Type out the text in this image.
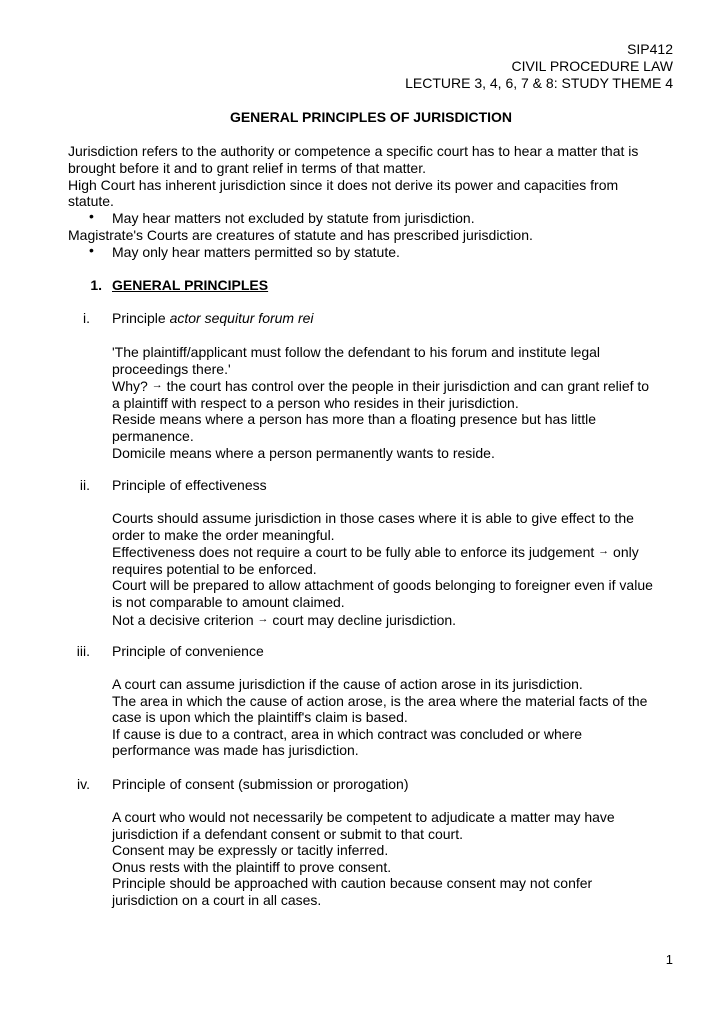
SIP412
CIVIL PROCEDURE LAW
LECTURE 3, 4, 6, 7 & 8: STUDY THEME 4
GENERAL PRINCIPLES OF JURISDICTION
Jurisdiction refers to the authority or competence a specific court has to hear a matter that is
brought before it and to grant relief in terms of that matter.
High Court has inherent jurisdiction since it does not derive its power and capacities from
statute.
• May hear matters not excluded by statute from jurisdiction.
Magistrate's Courts are creatures of statute and has prescribed jurisdiction.
• May only hear matters permitted so by statute.
1. GENERAL PRINCIPLES
i. Principle actor sequitur forum rei
'The plaintiff/applicant must follow the defendant to his forum and institute legal
proceedings there.'
Why? → the court has control over the people in their jurisdiction and can grant relief to
a plaintiff with respect to a person who resides in their jurisdiction.
Reside means where a person has more than a floating presence but has little
permanence.
Domicile means where a person permanently wants to reside.
ii. Principle of effectiveness
Courts should assume jurisdiction in those cases where it is able to give effect to the
order to make the order meaningful.
Effectiveness does not require a court to be fully able to enforce its judgement → only
requires potential to be enforced.
Court will be prepared to allow attachment of goods belonging to foreigner even if value
is not comparable to amount claimed.
Not a decisive criterion → court may decline jurisdiction.
iii. Principle of convenience
A court can assume jurisdiction if the cause of action arose in its jurisdiction.
The area in which the cause of action arose, is the area where the material facts of the
case is upon which the plaintiff's claim is based.
If cause is due to a contract, area in which contract was concluded or where
performance was made has jurisdiction.
iv. Principle of consent (submission or prorogation)
A court who would not necessarily be competent to adjudicate a matter may have
jurisdiction if a defendant consent or submit to that court.
Consent may be expressly or tacitly inferred.
Onus rests with the plaintiff to prove consent.
Principle should be approached with caution because consent may not confer
jurisdiction on a court in all cases.
1
